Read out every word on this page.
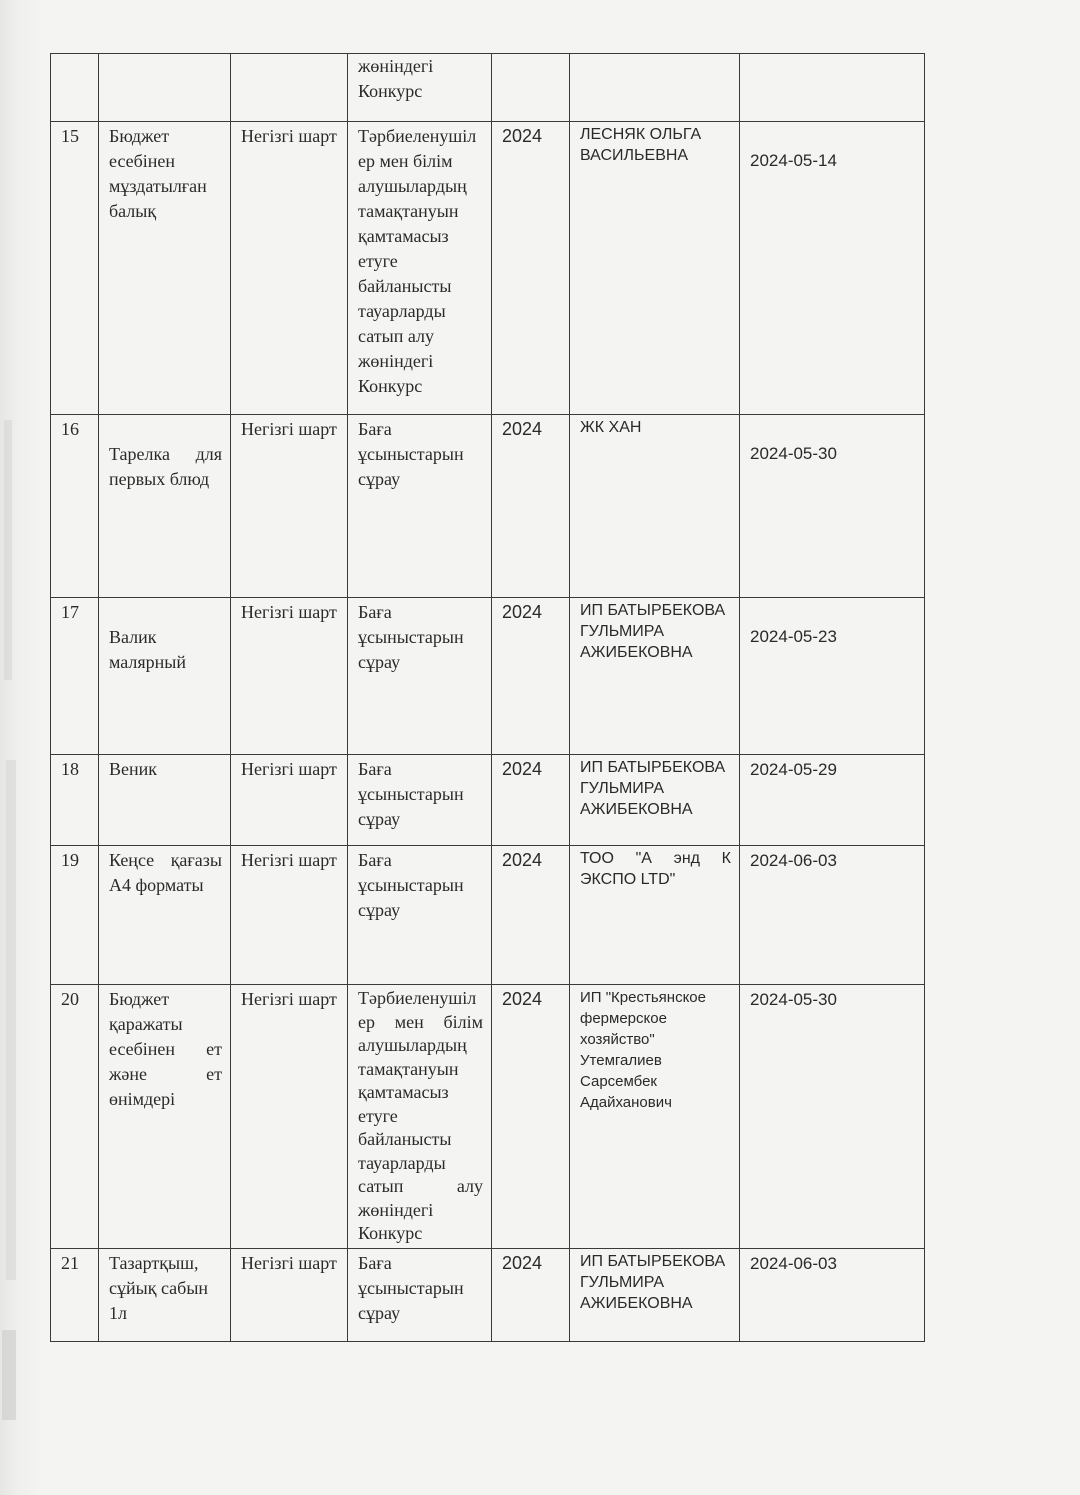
			жөніндегі Конкурс			
15	Бюджет есебінен мұздатылған балық	Негізгі шарт	Тәрбиеленушілер мен білім алушылардың тамақтануын қамтамасыз етуге байланысты тауарларды сатып алу жөніндегі Конкурс	2024	ЛЕСНЯК ОЛЬГА ВАСИЛЬЕВНА	2024-05-14

16	Тарелка для первых блюд	Негізгі шарт	Баға ұсыныстарын сұрау	2024	ЖК ХАН	2024-05-30

17	Валик малярный	Негізгі шарт	Баға ұсыныстарын сұрау	2024	ИП БАТЫРБЕКОВА ГУЛЬМИРА АЖИБЕКОВНА	2024-05-23

18	Веник	Негізгі шарт	Баға ұсыныстарын сұрау	2024	ИП БАТЫРБЕКОВА ГУЛЬМИРА АЖИБЕКОВНА	2024-05-29

19	Кеңсе қағазы А4 форматы	Негізгі шарт	Баға ұсыныстарын сұрау	2024	ТОО "А энд К ЭКСПО LTD"	2024-06-03

20	Бюджет қаражаты есебінен ет және ет өнімдері	Негізгі шарт	Тәрбиеленушілер мен білім алушылардың тамақтануын қамтамасыз етуге байланысты тауарларды сатып алу жөніндегі Конкурс	2024	ИП "Крестьянское фермерское хозяйство" Утемгалиев Сарсембек Адайханович	2024-05-30

21	Тазартқыш, сұйық сабын 1л	Негізгі шарт	Баға ұсыныстарын сұрау	2024	ИП БАТЫРБЕКОВА ГУЛЬМИРА АЖИБЕКОВНА	2024-06-03
